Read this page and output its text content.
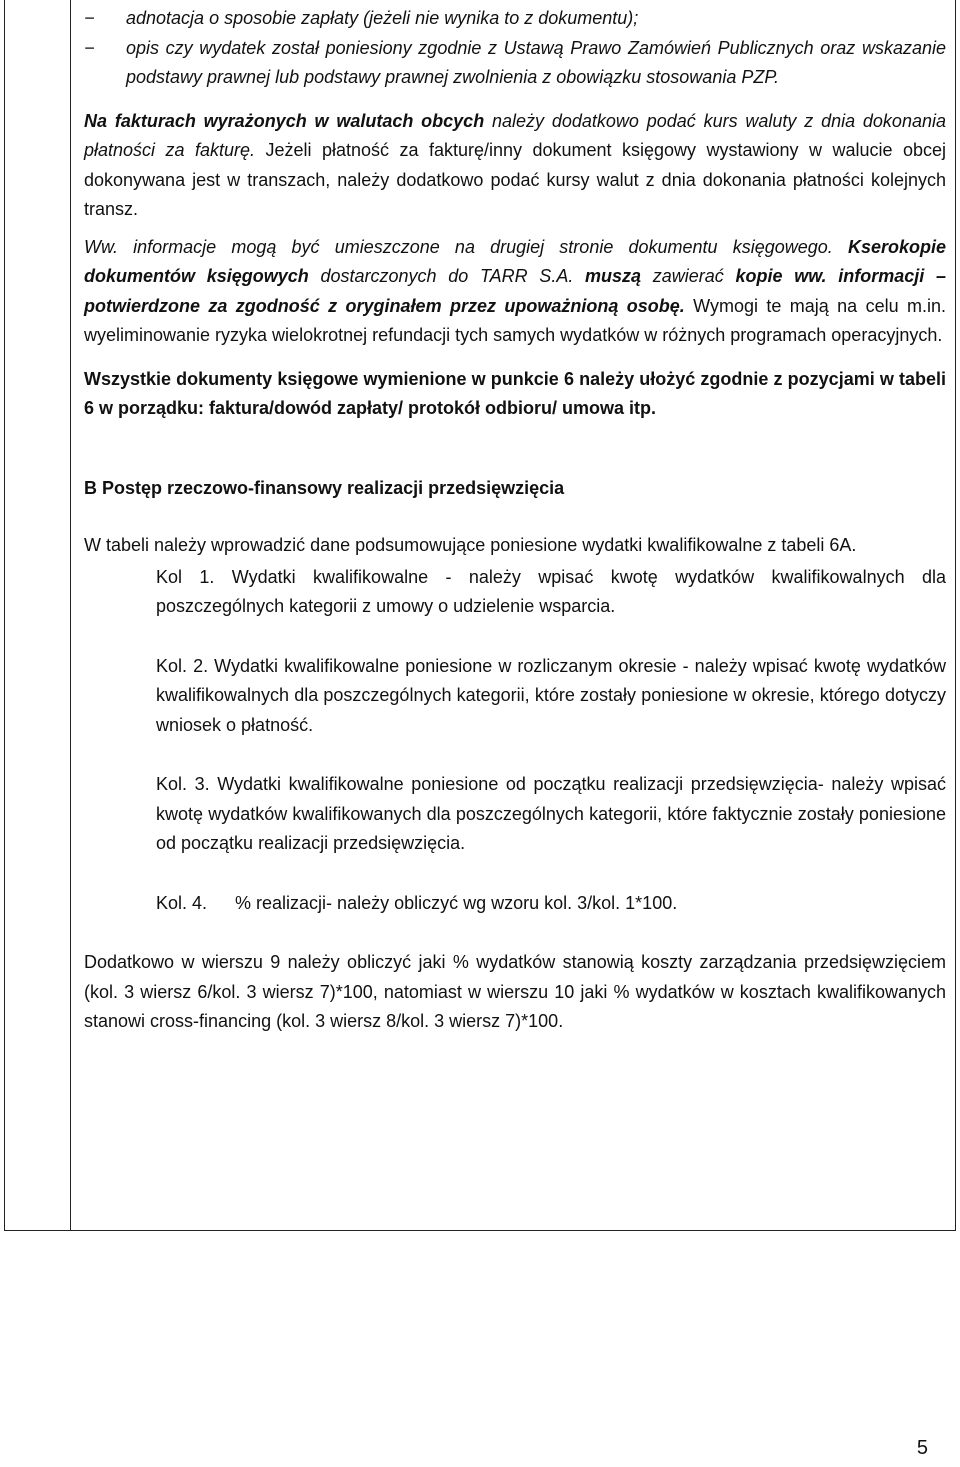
− adnotacja o sposobie zapłaty (jeżeli nie wynika to z dokumentu);

− opis czy wydatek został poniesiony zgodnie z Ustawą Prawo Zamówień Publicznych oraz wskazanie podstawy prawnej lub podstawy prawnej zwolnienia z obowiązku stosowania PZP.

Na fakturach wyrażonych w walutach obcych należy dodatkowo podać kurs waluty z dnia dokonania płatności za fakturę. Jeżeli płatność za fakturę/inny dokument księgowy wystawiony w walucie obcej dokonywana jest w transzach, należy dodatkowo podać kursy walut z dnia dokonania płatności kolejnych transz.

Ww. informacje mogą być umieszczone na drugiej stronie dokumentu księgowego. Kserokopie dokumentów księgowych dostarczonych do TARR S.A. muszą zawierać kopie ww. informacji – potwierdzone za zgodność z oryginałem przez upoważnioną osobę. Wymogi te mają na celu m.in. wyeliminowanie ryzyka wielokrotnej refundacji tych samych wydatków w różnych programach operacyjnych.

Wszystkie dokumenty księgowe wymienione w punkcie 6 należy ułożyć zgodnie z pozycjami w tabeli 6 w porządku: faktura/dowód zapłaty/ protokół odbioru/ umowa itp.

B Postęp rzeczowo-finansowy realizacji przedsięwzięcia

W tabeli należy wprowadzić dane podsumowujące poniesione wydatki kwalifikowalne z tabeli 6A.

Kol 1. Wydatki kwalifikowalne - należy wpisać kwotę wydatków kwalifikowalnych dla poszczególnych kategorii z umowy o udzielenie wsparcia.

Kol. 2. Wydatki kwalifikowalne poniesione w rozliczanym okresie - należy wpisać kwotę wydatków kwalifikowalnych dla poszczególnych kategorii, które zostały poniesione w okresie, którego dotyczy wniosek o płatność.

Kol. 3. Wydatki kwalifikowalne poniesione od początku realizacji przedsięwzięcia- należy wpisać kwotę wydatków kwalifikowanych dla poszczególnych kategorii, które faktycznie zostały poniesione od początku realizacji przedsięwzięcia.

Kol. 4. % realizacji- należy obliczyć wg wzoru kol. 3/kol. 1*100.

Dodatkowo w wierszu 9 należy obliczyć jaki % wydatków stanowią koszty zarządzania przedsięwzięciem (kol. 3 wiersz 6/kol. 3 wiersz 7)*100, natomiast w wierszu 10 jaki % wydatków w kosztach kwalifikowanych stanowi cross-financing (kol. 3 wiersz 8/kol. 3 wiersz 7)*100.

5
